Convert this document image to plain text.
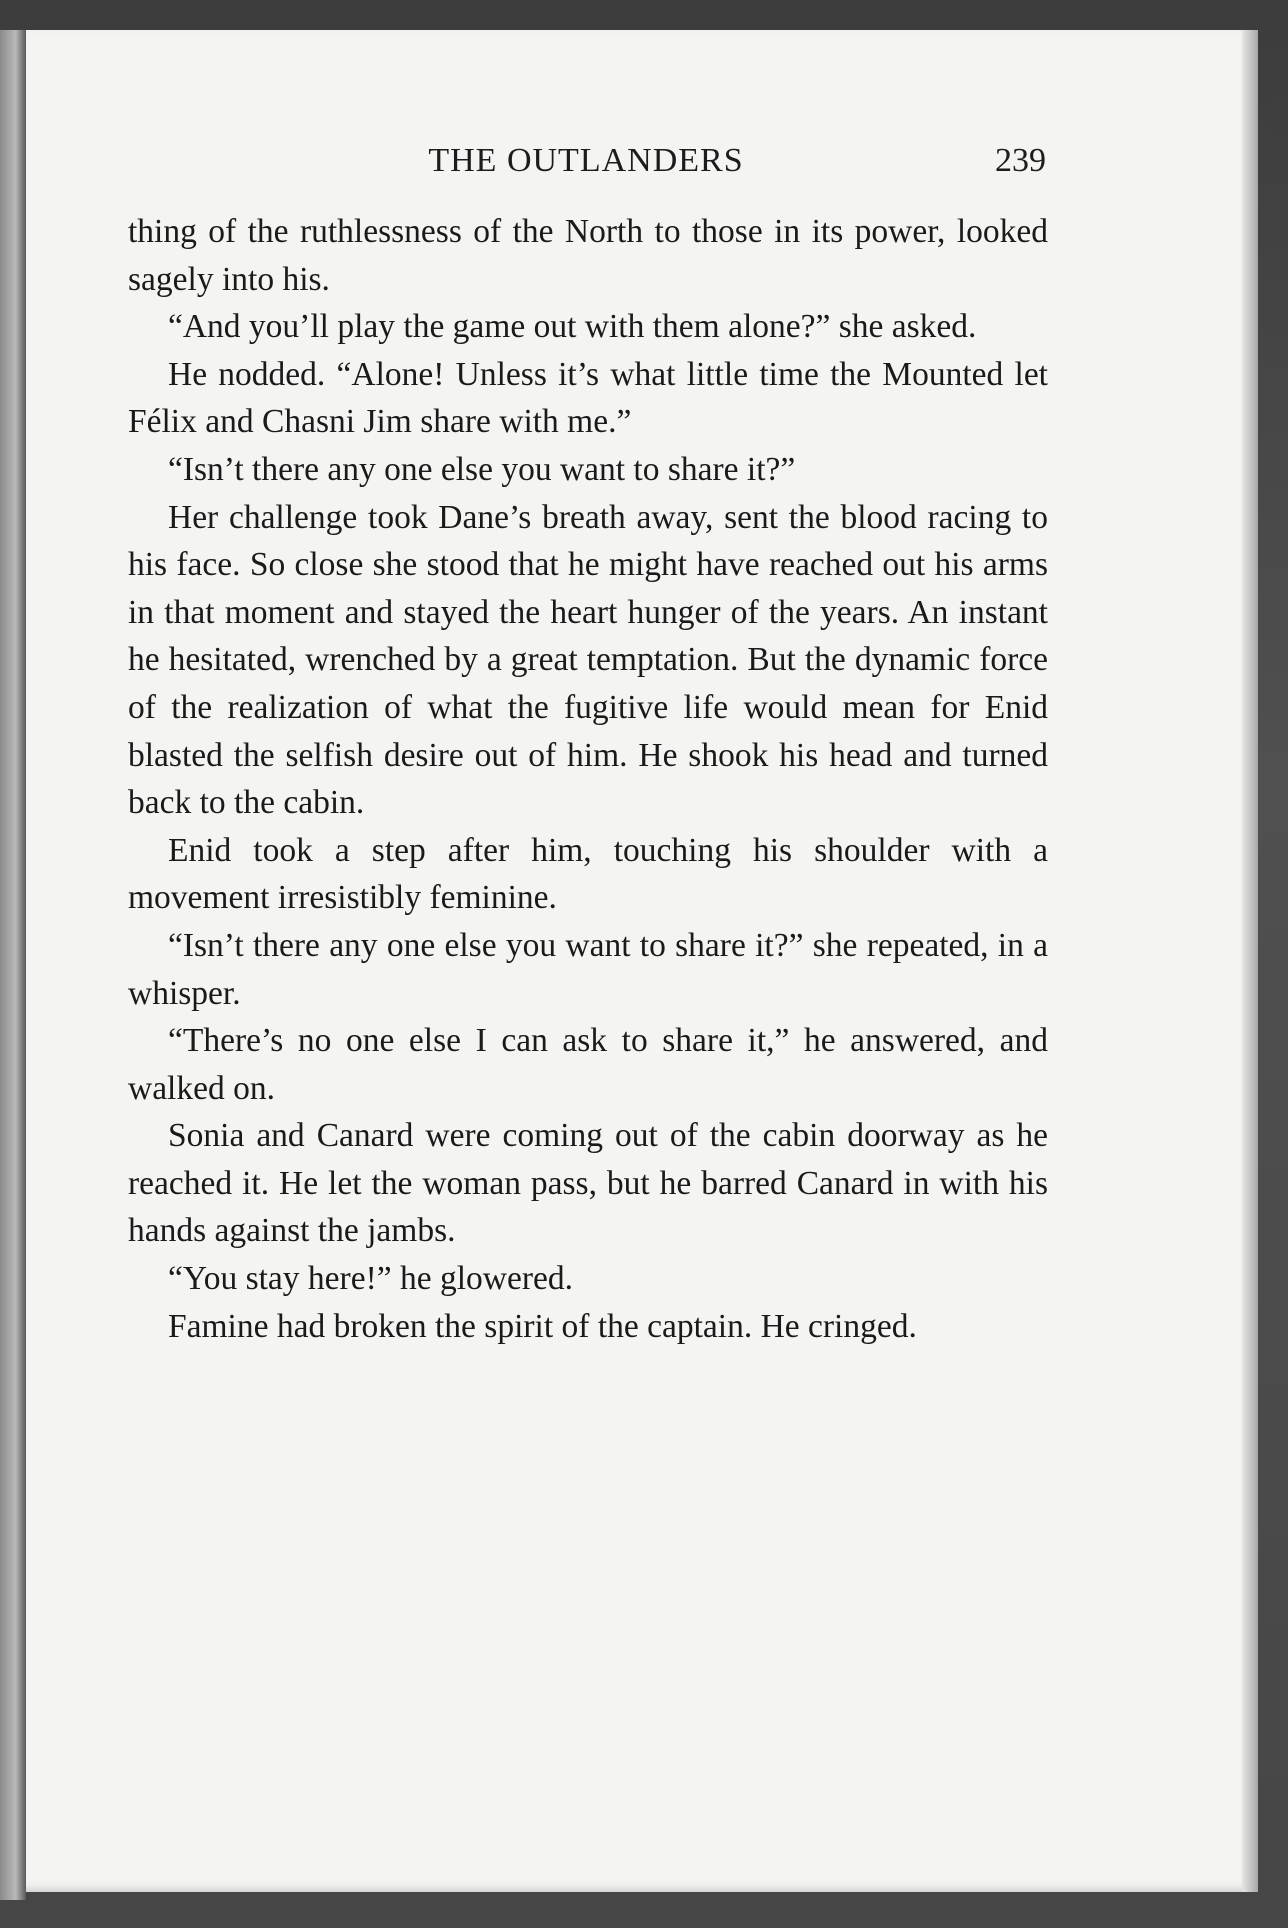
THE OUTLANDERS	239

thing of the ruthlessness of the North to those in its power, looked sagely into his.

“And you’ll play the game out with them alone?” she asked.

He nodded. “Alone! Unless it’s what little time the Mounted let Félix and Chasni Jim share with me.”

“Isn’t there any one else you want to share it?”

Her challenge took Dane’s breath away, sent the blood racing to his face. So close she stood that he might have reached out his arms in that moment and stayed the heart hunger of the years. An instant he hesitated, wrenched by a great temptation. But the dynamic force of the realization of what the fugitive life would mean for Enid blasted the selfish desire out of him. He shook his head and turned back to the cabin.

Enid took a step after him, touching his shoulder with a movement irresistibly feminine.

“Isn’t there any one else you want to share it?” she repeated, in a whisper.

“There’s no one else I can ask to share it,” he answered, and walked on.

Sonia and Canard were coming out of the cabin doorway as he reached it. He let the woman pass, but he barred Canard in with his hands against the jambs.

“You stay here!” he glowered.

Famine had broken the spirit of the captain. He cringed.
